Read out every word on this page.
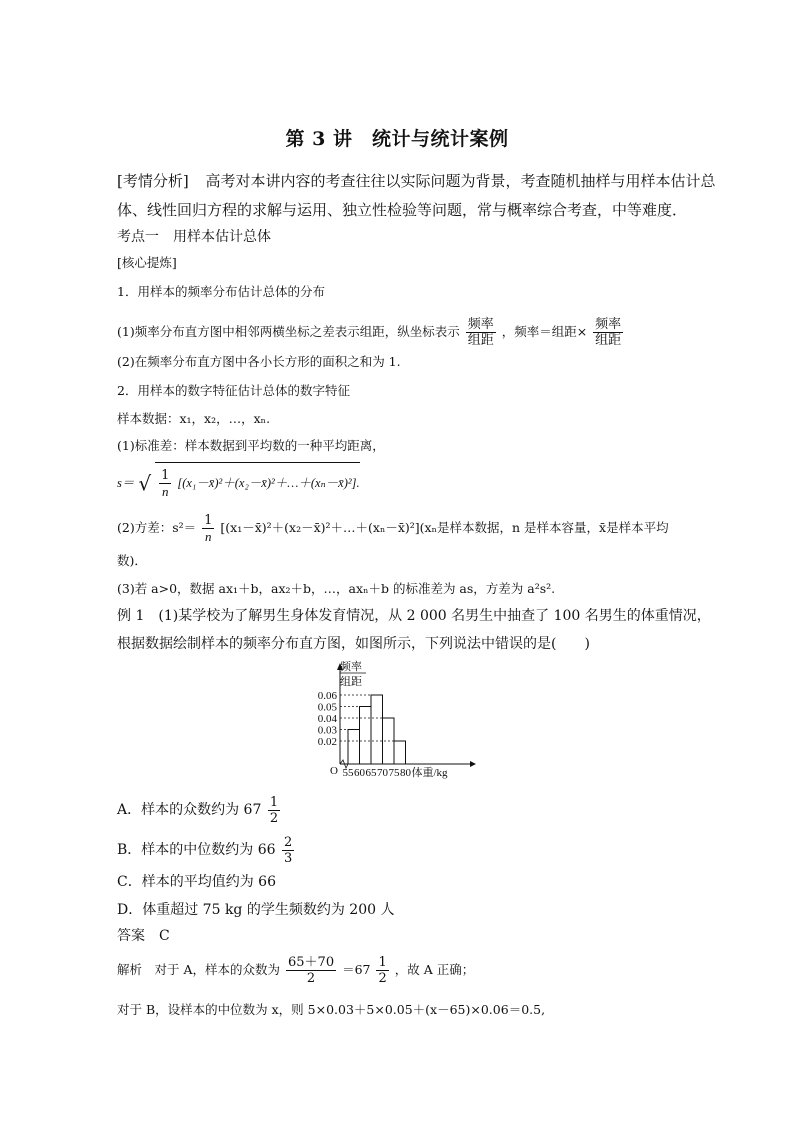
第 3 讲　统计与统计案例
[考情分析] 高考对本讲内容的考查往往以实际问题为背景，考查随机抽样与用样本估计总
体、线性回归方程的求解与运用、独立性检验等问题，常与概率综合考查，中等难度．
考点一　用样本估计总体
[核心提炼]
1．用样本的频率分布估计总体的分布
(1)频率分布直方图中相邻两横坐标之差表示组距，纵坐标表示 $\frac{\text{频率}}{\text{组距}}$ ，频率＝组距× $\frac{\text{频率}}{\text{组距}}$
(2)在频率分布直方图中各小长方形的面积之和为 1.
2．用样本的数字特征估计总体的数字特征
样本数据：x₁，x₂，…，xₙ.
(1)标准差：样本数据到平均数的一种平均距离，
s＝ √ $\frac{1}{n}$ [(x₁－x̄)²＋(x₂－x̄)²＋…＋(xₙ－x̄)²].
(2)方差：$s^2= \frac{1}{n}$ [(x₁－x̄)²＋(x₂－x̄)²＋…＋(xₙ－x̄)²](xₙ是样本数据，n 是样本容量，x̄是样本平均
数)．
(3)若 a>0，数据 ax₁＋b，ax₂＋b，…，axₙ＋b 的标准差为 as，方差为 a²s².
例 1　(1)某学校为了解男生身体发育情况，从 2 000 名男生中抽查了 100 名男生的体重情况，
根据数据绘制样本的频率分布直方图，如图所示，下列说法中错误的是(　　)
0.06
0.05
0.04
0.03
0.02
55 60 65 70 75 80
O	体重/kg
频率
组距
A．样本的众数约为 $67 \frac{1}{2}$
B．样本的中位数约为 $66 \frac{2}{3}$
C．样本的平均值约为 66
D．体重超过 75 kg 的学生频数约为 200 人
答案　C
解析　对于 A，样本的众数为 $\frac{65+70}{2} =67 \frac{1}{2}$ ，故 A 正确；
对于 B，设样本的中位数为 x，则 5×0.03＋5×0.05＋(x－65)×0.06＝0.5,
